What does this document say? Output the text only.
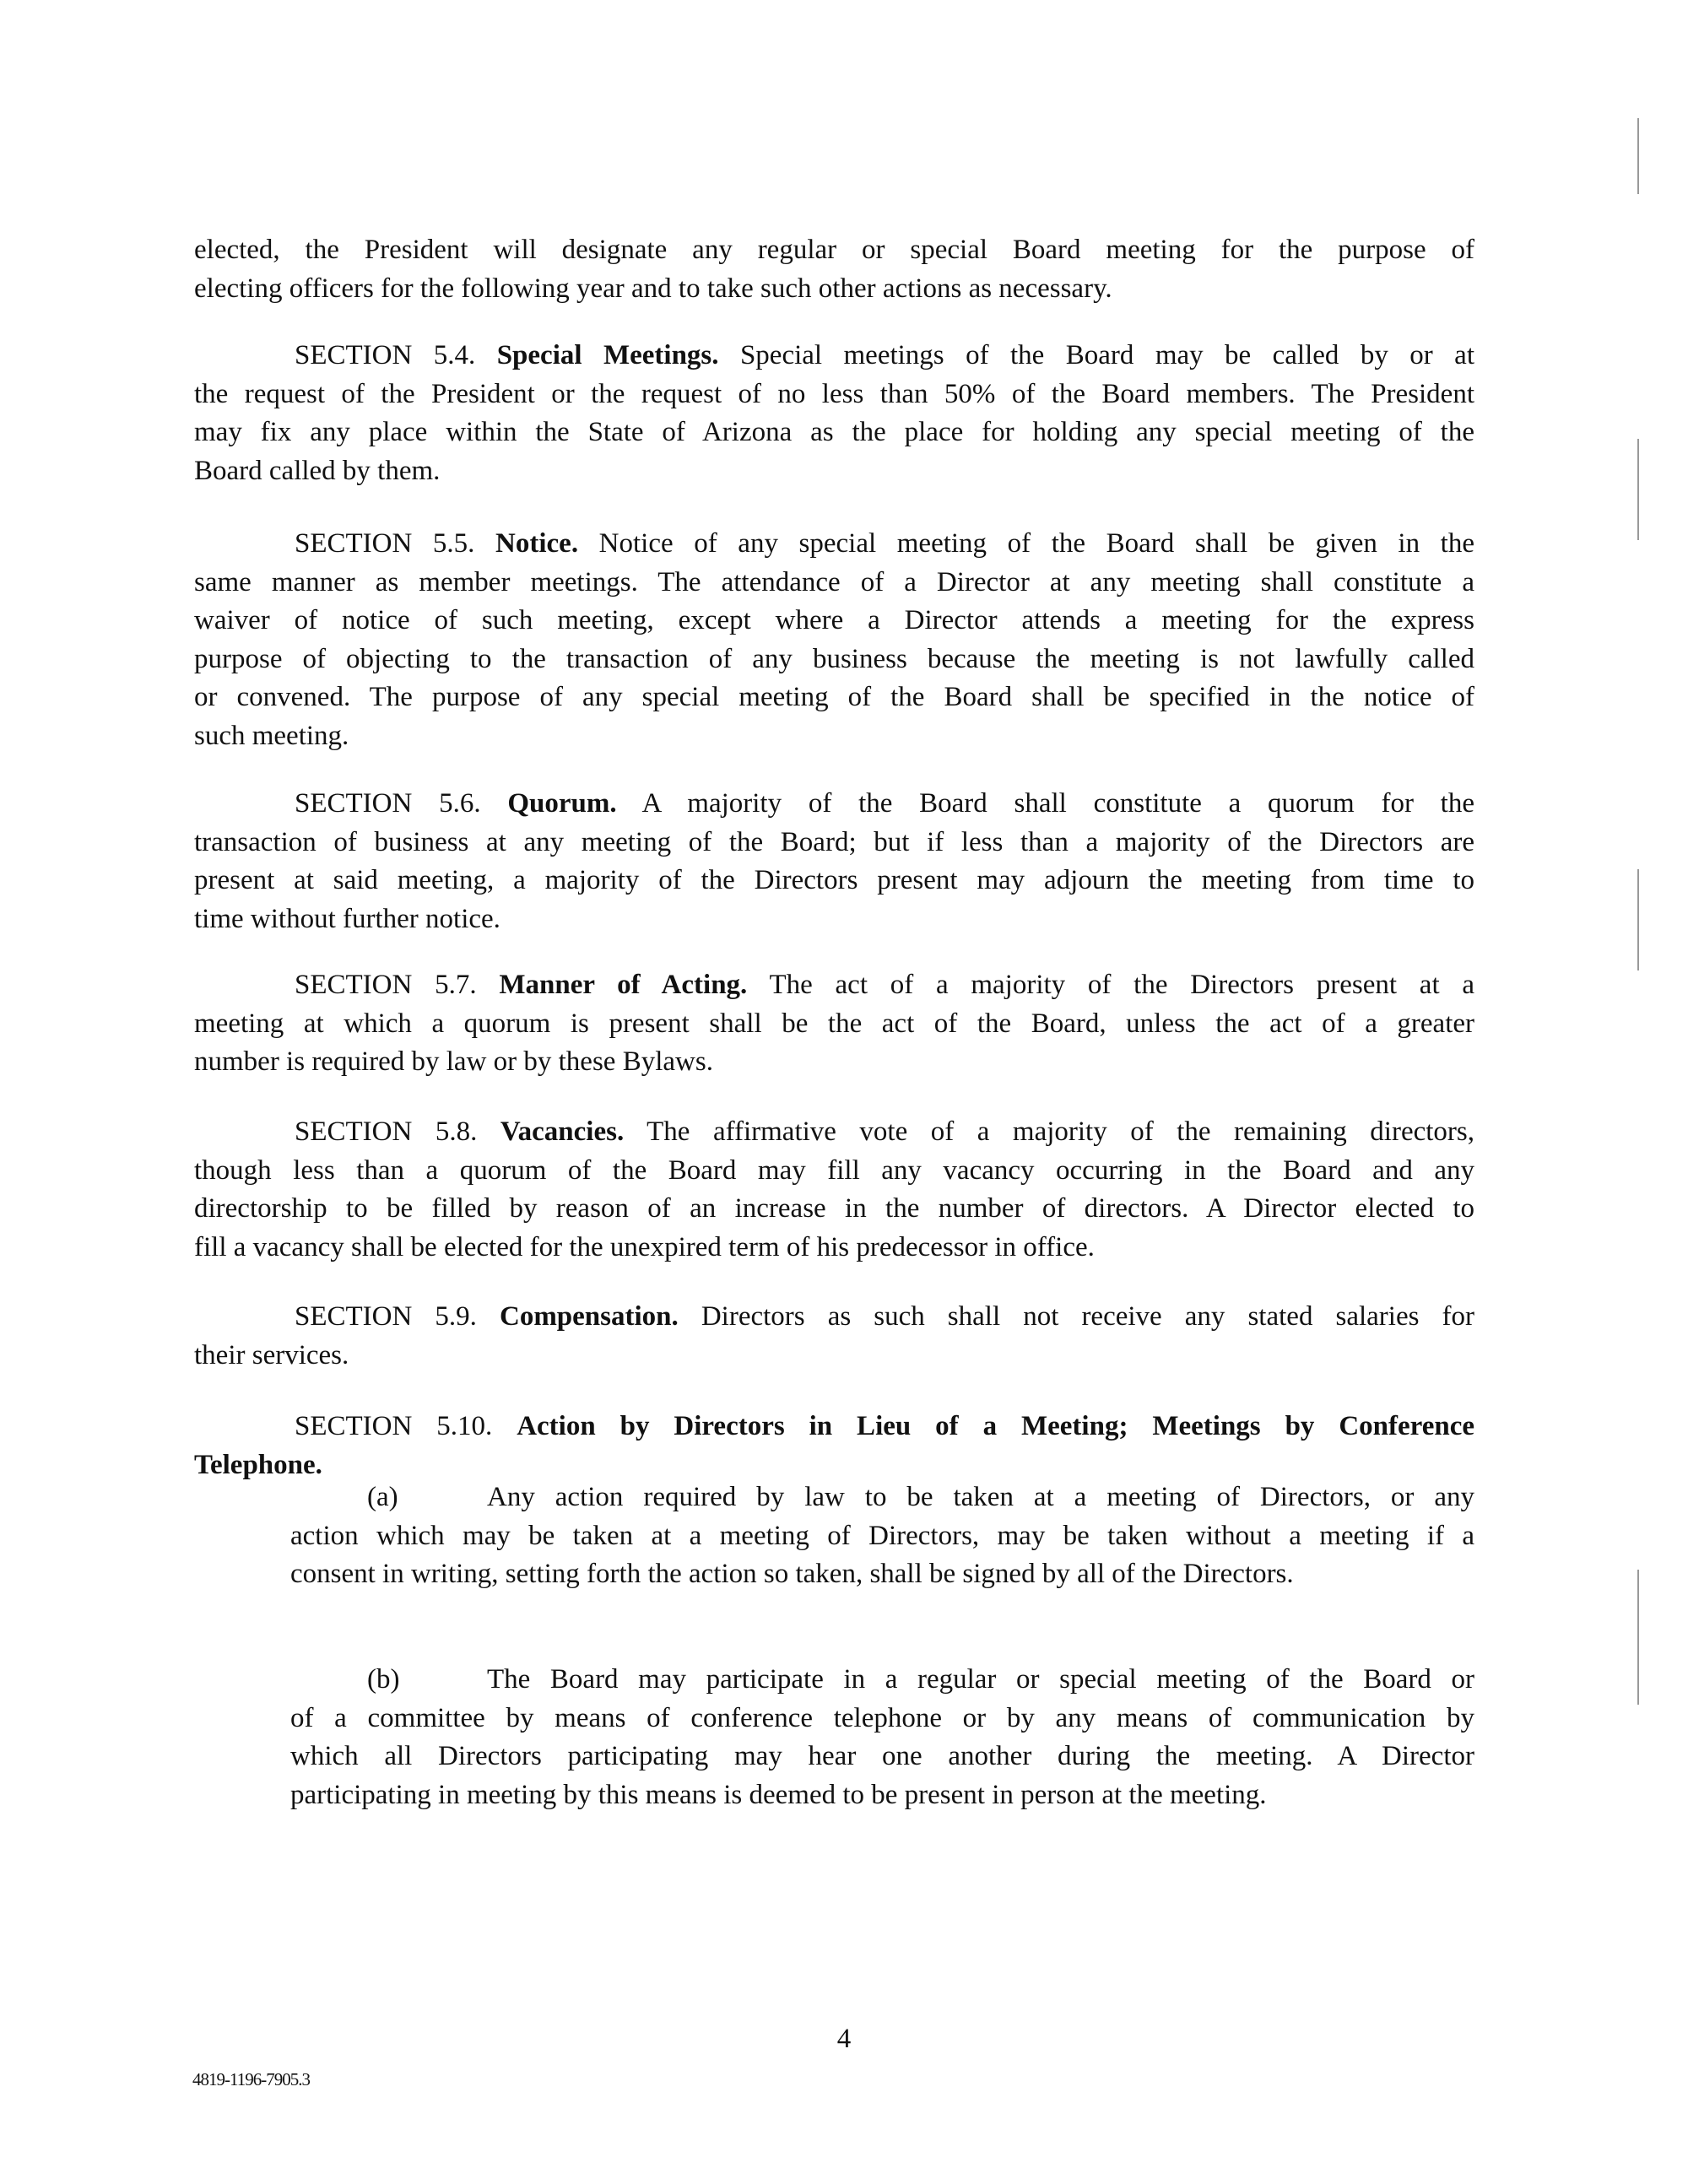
elected, the President will designate any regular or special Board meeting for the purpose of
electing officers for the following year and to take such other actions as necessary.
SECTION 5.4. Special Meetings. Special meetings of the Board may be called by or at
the request of the President or the request of no less than 50% of the Board members. The President
may fix any place within the State of Arizona as the place for holding any special meeting of the
Board called by them.
SECTION 5.5. Notice. Notice of any special meeting of the Board shall be given in the
same manner as member meetings. The attendance of a Director at any meeting shall constitute a
waiver of notice of such meeting, except where a Director attends a meeting for the express
purpose of objecting to the transaction of any business because the meeting is not lawfully called
or convened. The purpose of any special meeting of the Board shall be specified in the notice of
such meeting.
SECTION 5.6. Quorum. A majority of the Board shall constitute a quorum for the
transaction of business at any meeting of the Board; but if less than a majority of the Directors are
present at said meeting, a majority of the Directors present may adjourn the meeting from time to
time without further notice.
SECTION 5.7. Manner of Acting. The act of a majority of the Directors present at a
meeting at which a quorum is present shall be the act of the Board, unless the act of a greater
number is required by law or by these Bylaws.
SECTION 5.8. Vacancies. The affirmative vote of a majority of the remaining directors,
though less than a quorum of the Board may fill any vacancy occurring in the Board and any
directorship to be filled by reason of an increase in the number of directors. A Director elected to
fill a vacancy shall be elected for the unexpired term of his predecessor in office.
SECTION 5.9. Compensation. Directors as such shall not receive any stated salaries for
their services.
SECTION 5.10. Action by Directors in Lieu of a Meeting; Meetings by Conference
Telephone.
(a)	Any action required by law to be taken at a meeting of Directors, or any
action which may be taken at a meeting of Directors, may be taken without a meeting if a
consent in writing, setting forth the action so taken, shall be signed by all of the Directors.
(b)	The Board may participate in a regular or special meeting of the Board or
of a committee by means of conference telephone or by any means of communication by
which all Directors participating may hear one another during the meeting. A Director
participating in meeting by this means is deemed to be present in person at the meeting.
4
4819-1196-7905.3
